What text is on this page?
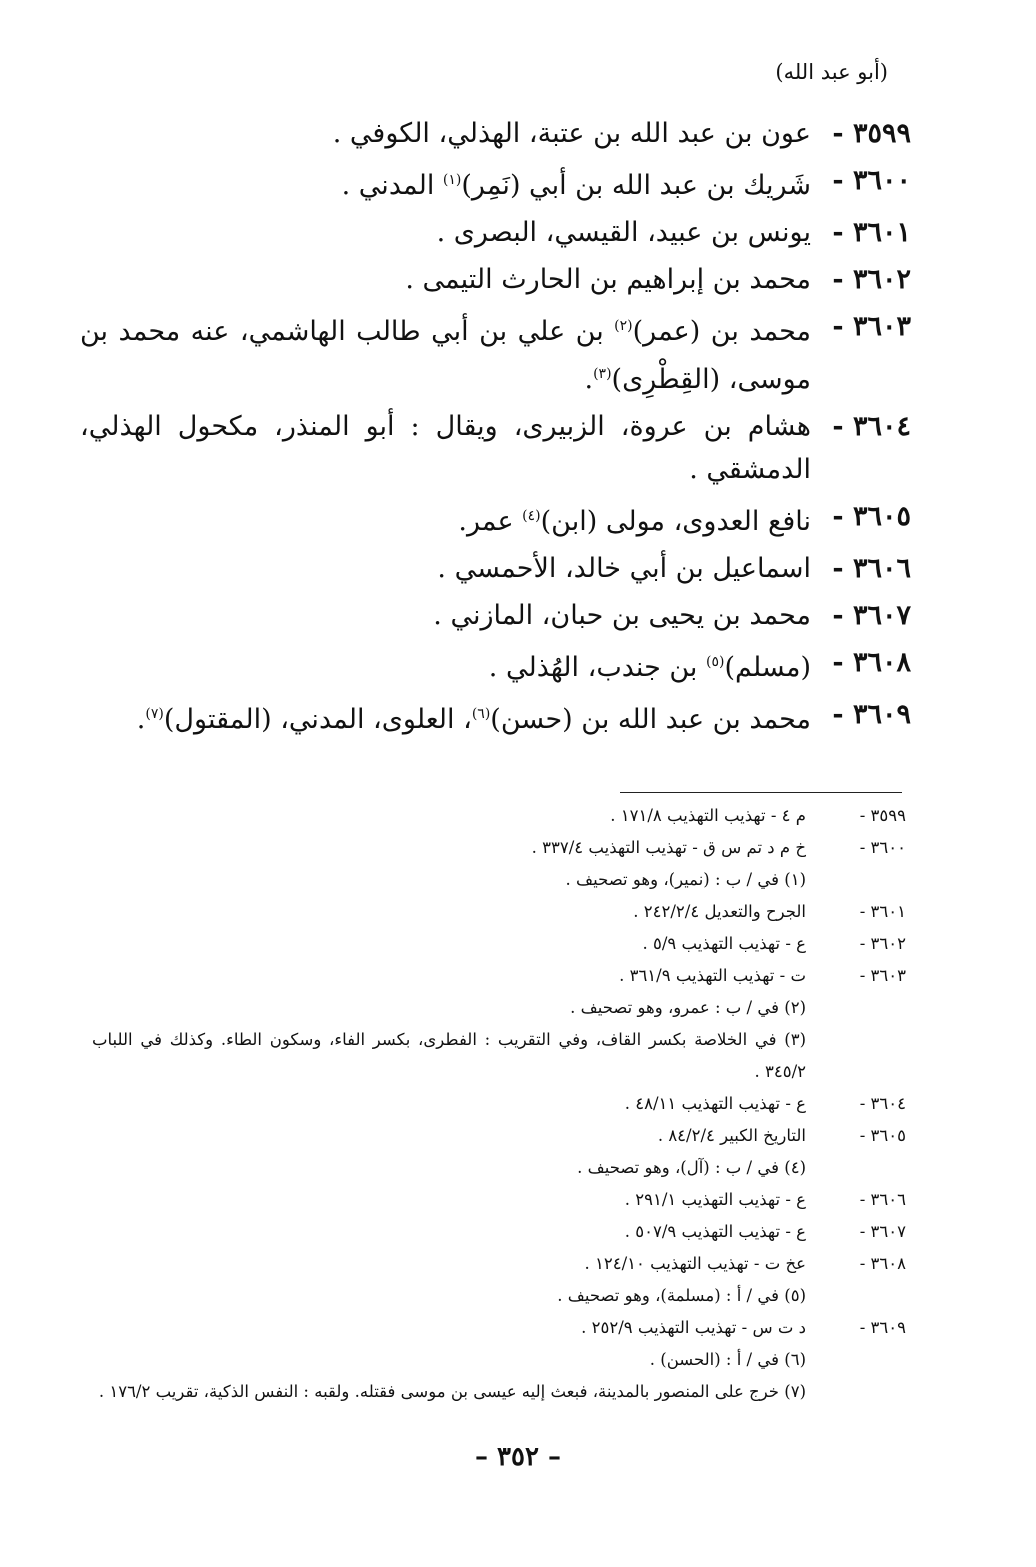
(أبو عبد الله)
٣٥٩٩ -
عون بن عبد الله بن عتبة، الهذلي، الكوفي .
٣٦٠٠ -
شَريك بن عبد الله بن أبي (نَمِر)$^{(١)}$ المدني .
٣٦٠١ -
يونس بن عبيد، القيسي، البصرى .
٣٦٠٢ -
محمد بن إبراهيم بن الحارث التيمى .
٣٦٠٣ -
محمد بن (عمر)$^{(٢)}$ بن علي بن أبي طالب الهاشمي، عنه محمد بن موسى، (القِطْرِى)$^{(٣)}$.
٣٦٠٤ -
هشام بن عروة، الزبيرى، ويقال : أبو المنذر، مكحول الهذلي، الدمشقي .
٣٦٠٥ -
نافع العدوى، مولى (ابن)$^{(٤)}$ عمر.
٣٦٠٦ -
اسماعيل بن أبي خالد، الأحمسي .
٣٦٠٧ -
محمد بن يحيى بن حبان، المازني .
٣٦٠٨ -
(مسلم)$^{(٥)}$ بن جندب، الهُذلي .
٣٦٠٩ -
محمد بن عبد الله بن (حسن)$^{(٦)}$، العلوى، المدني، (المقتول)$^{(٧)}$.
٣٥٩٩ -
م ٤ - تهذيب التهذيب ١٧١/٨ .
٣٦٠٠ -
خ م د تم س ق - تهذيب التهذيب ٣٣٧/٤ .
(١) في / ب : (نمير)، وهو تصحيف .
٣٦٠١ -
الجرح والتعديل ٢٤٢/٢/٤ .
٣٦٠٢ -
ع - تهذيب التهذيب ٥/٩ .
٣٦٠٣ -
ت - تهذيب التهذيب ٣٦١/٩ .
(٢) في / ب : عمرو، وهو تصحيف .
(٣) في الخلاصة بكسر القاف، وفي التقريب : الفطرى، بكسر الفاء، وسكون الطاء. وكذلك في اللباب ٣٤٥/٢ .
٣٦٠٤ -
ع - تهذيب التهذيب ٤٨/١١ .
٣٦٠٥ -
التاريخ الكبير ٨٤/٢/٤ .
(٤) في / ب : (آل)، وهو تصحيف .
٣٦٠٦ -
ع - تهذيب التهذيب ٢٩١/١ .
٣٦٠٧ -
ع - تهذيب التهذيب ٥٠٧/٩ .
٣٦٠٨ -
عخ ت - تهذيب التهذيب ١٢٤/١٠ .
(٥) في / أ : (مسلمة)، وهو تصحيف .
٣٦٠٩ -
د ت س - تهذيب التهذيب ٢٥٢/٩ .
(٦) في / أ : (الحسن) .
(٧) خرج على المنصور بالمدينة، فبعث إليه عيسى بن موسى فقتله. ولقبه : النفس الذكية، تقريب ١٧٦/٢ .
– ٣٥٢ –
